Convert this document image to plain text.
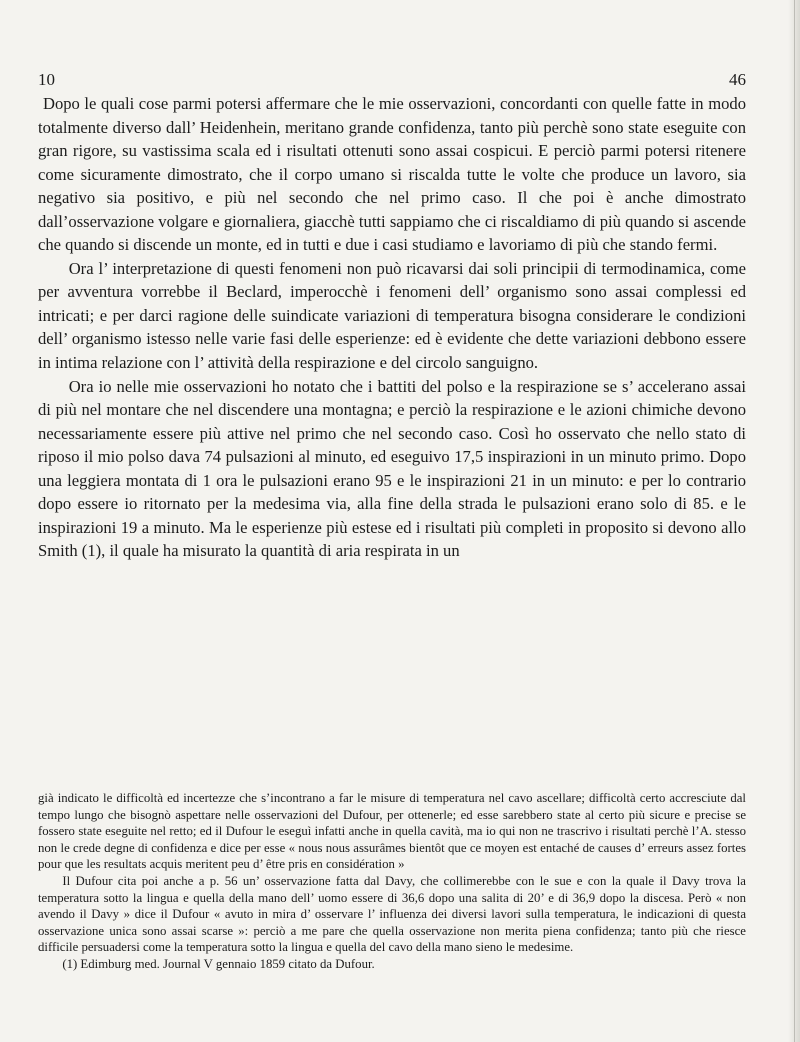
10	46

Dopo le quali cose parmi potersi affermare che le mie osservazioni, concordanti con quelle fatte in modo totalmente diverso dall’ Heidenhein, meritano grande confidenza, tanto più perchè sono state eseguite con gran rigore, su vastissima scala ed i risultati ottenuti sono assai cospicui. E perciò parmi potersi ritenere come sicuramente dimostrato, che il corpo umano si riscalda tutte le volte che produce un lavoro, sia negativo sia positivo, e più nel secondo che nel primo caso. Il che poi è anche dimostrato dall’osservazione volgare e giornaliera, giacchè tutti sappiamo che ci riscaldiamo di più quando si ascende che quando si discende un monte, ed in tutti e due i casi studiamo e lavoriamo di più che stando fermi.

Ora l’ interpretazione di questi fenomeni non può ricavarsi dai soli principii di termodinamica, come per avventura vorrebbe il Beclard, imperocchè i fenomeni dell’ organismo sono assai complessi ed intricati; e per darci ragione delle suindicate variazioni di temperatura bisogna considerare le condizioni dell’ organismo istesso nelle varie fasi delle esperienze: ed è evidente che dette variazioni debbono essere in intima relazione con l’ attività della respirazione e del circolo sanguigno.

Ora io nelle mie osservazioni ho notato che i battiti del polso e la respirazione se s’ accelerano assai di più nel montare che nel discendere una montagna; e perciò la respirazione e le azioni chimiche devono necessariamente essere più attive nel primo che nel secondo caso. Così ho osservato che nello stato di riposo il mio polso dava 74 pulsazioni al minuto, ed eseguivo 17,5 inspirazioni in un minuto primo. Dopo una leggiera montata di 1 ora le pulsazioni erano 95 e le inspirazioni 21 in un minuto: e per lo contrario dopo essere io ritornato per la medesima via, alla fine della strada le pulsazioni erano solo di 85. e le inspirazioni 19 a minuto. Ma le esperienze più estese ed i risultati più completi in proposito si devono allo Smith (1), il quale ha misurato la quantità di aria respirata in un

già indicato le difficoltà ed incertezze che s’incontrano a far le misure di temperatura nel cavo ascellare; difficoltà certo accresciute dal tempo lungo che bisognò aspettare nelle osservazioni del Dufour, per ottenerle; ed esse sarebbero state al certo più sicure e precise se fossero state eseguite nel retto; ed il Dufour le eseguì infatti anche in quella cavità, ma io qui non ne trascrivo i risultati perchè l’A. stesso non le crede degne di confidenza e dice per esse « nous nous assurâmes bientôt que ce moyen est entaché de causes d’ erreurs assez fortes pour que les resultats acquis meritent peu d’ être pris en considération »

Il Dufour cita poi anche a p. 56 un’ osservazione fatta dal Davy, che collimerebbe con le sue e con la quale il Davy trova la temperatura sotto la lingua e quella della mano dell’ uomo essere di 36,6 dopo una salita di 20’ e di 36,9 dopo la discesa. Però « non avendo il Davy » dice il Dufour « avuto in mira d’ osservare l’ influenza dei diversi lavori sulla temperatura, le indicazioni di questa osservazione unica sono assai scarse »: perciò a me pare che quella osservazione non merita piena confidenza; tanto più che riesce difficile persuadersi come la temperatura sotto la lingua e quella del cavo della mano sieno le medesime.

(1) Edimburg med. Journal V gennaio 1859 citato da Dufour.
